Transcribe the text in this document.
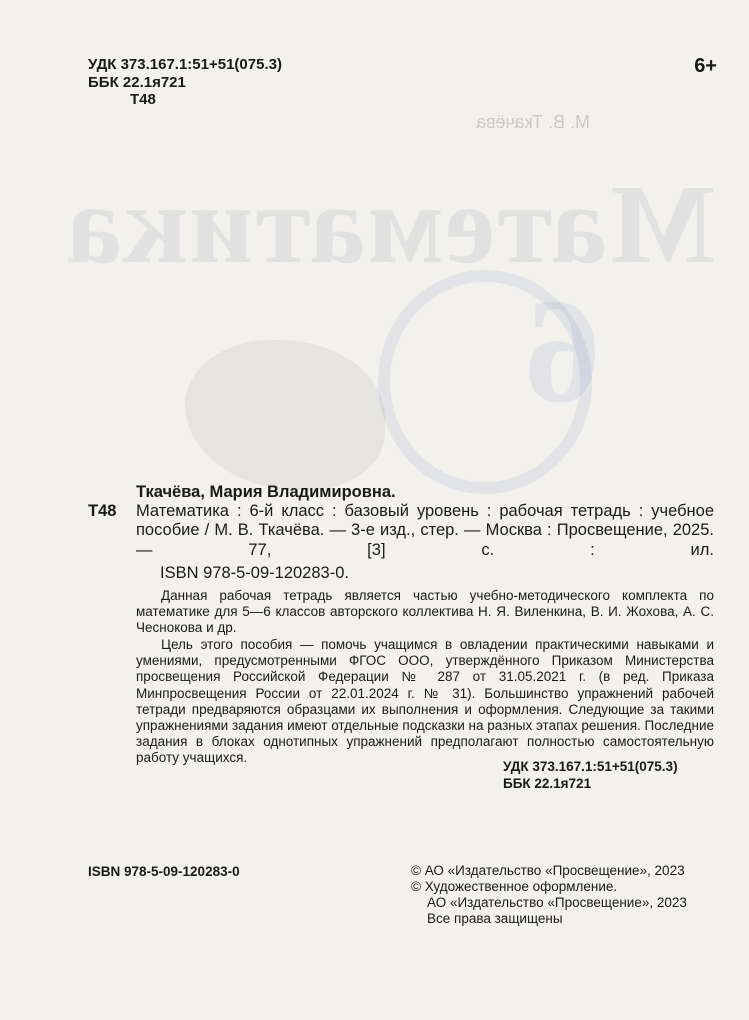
Математика
М. В. Ткачёва
6
УДК 373.167.1:51+51(075.3)
ББК 22.1я721
Т48
6+
Ткачёва, Мария Владимировна.
Т48 Математика : 6-й класс : базовый уровень : рабочая тетрадь : учебное пособие / М. В. Ткачёва. — 3-е изд., стер. — Москва : Просвещение, 2025. — 77, [3] с. : ил.

ISBN 978-5-09-120283-0.

Данная рабочая тетрадь является частью учебно-методического комплекта по математике для 5—6 классов авторского коллектива Н. Я. Виленкина, В. И. Жохова, А. С. Чеснокова и др.

Цель этого пособия — помочь учащимся в овладении практическими навыками и умениями, предусмотренными ФГОС ООО, утверждённого Приказом Министерства просвещения Российской Федерации № 287 от 31.05.2021 г. (в ред. Приказа Минпросвещения России от 22.01.2024 г. № 31). Большинство упражнений рабочей тетради предваряются образцами их выполнения и оформления. Следующие за такими упражнениями задания имеют отдельные подсказки на разных этапах решения. Последние задания в блоках однотипных упражнений предполагают полностью самостоятельную работу учащихся.

УДК 373.167.1:51+51(075.3)
ББК 22.1я721
ISBN 978-5-09-120283-0	© АО «Издательство «Просвещение», 2023
© Художественное оформление.
АО «Издательство «Просвещение», 2023
Все права защищены
